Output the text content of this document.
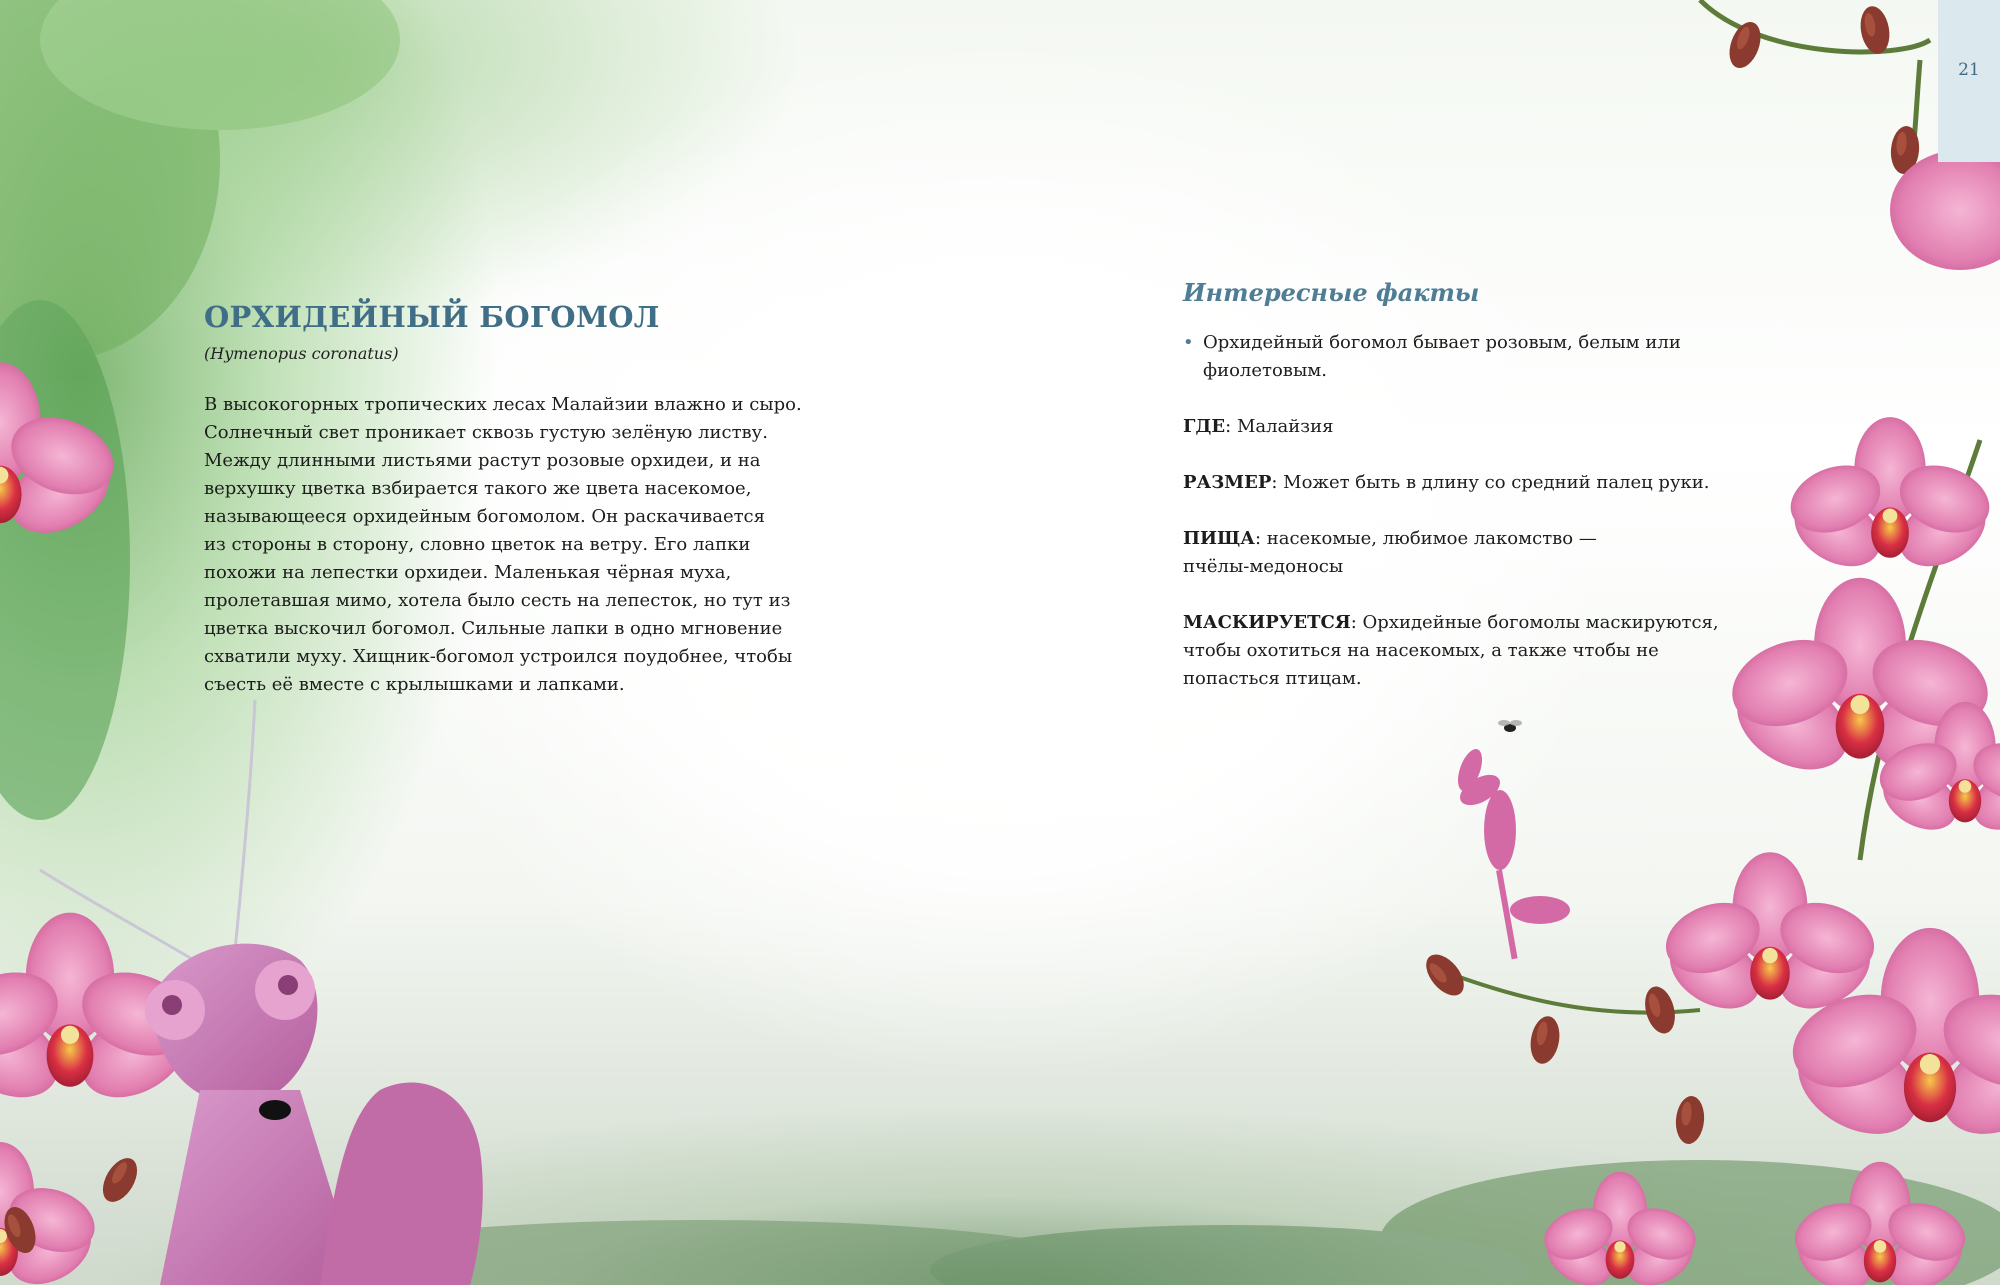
21
ОРХИДЕЙНЫЙ БОГОМОЛ
(Hymenopus coronatus)
В высокогорных тропических лесах Малайзии влажно и сыро.
Солнечный свет проникает сквозь густую зелёную листву.
Между длинными листьями растут розовые орхидеи, и на
верхушку цветка взбирается такого же цвета насекомое,
называющееся орхидейным богомолом. Он раскачивается
из стороны в сторону, словно цветок на ветру. Его лапки
похожи на лепестки орхидеи. Маленькая чёрная муха,
пролетавшая мимо, хотела было сесть на лепесток, но тут из
цветка выскочил богомол. Сильные лапки в одно мгновение
схватили муху. Хищник-богомол устроился поудобнее, чтобы
съесть её вместе с крылышками и лапками.
Интересные факты
• Орхидейный богомол бывает розовым, белым или
фиолетовым.
ГДЕ: Малайзия
РАЗМЕР: Может быть в длину со средний палец руки.
ПИЩА: насекомые, любимое лакомство —
пчёлы-медоносы
МАСКИРУЕТСЯ: Орхидейные богомолы маскируются,
чтобы охотиться на насекомых, а также чтобы не
попасться птицам.
